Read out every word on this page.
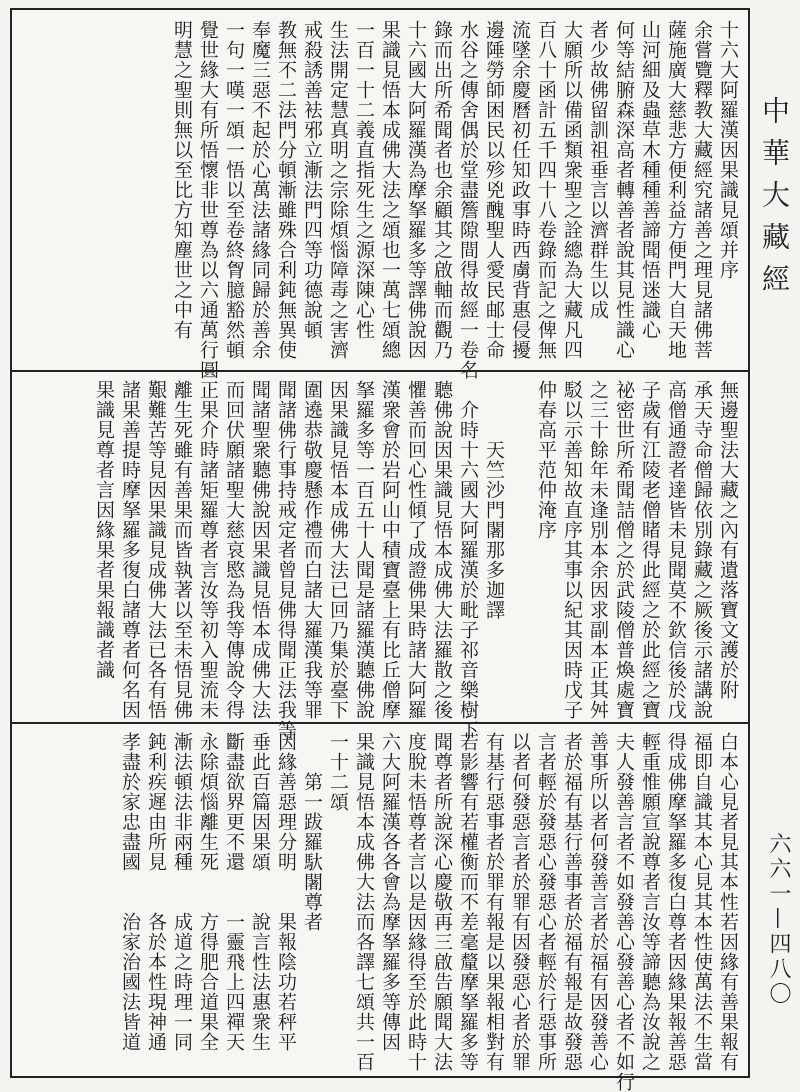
中華大藏經
六六一—四八〇
十六大阿羅漢因果識見頌并序
余嘗覽釋教大藏經究諸善之理見諸佛菩
薩施廣大慈悲方便利益方便門大自天地
山河細及蟲草木種種善諦聞悟迷識心
何等結腑森深高者轉善者說其見性識心
者少故佛留訓祖垂言以濟群生以成
大願所以備函類衆聖之詮總為大藏凡四
百八十函計五千四十八卷錄而記之俾無
流墜余慶曆初任知政事時西虜背惠侵擾
邊陲勞師困民以殄兇醜聖人愛民邮士命
水谷之傳舍偶於堂盡簷隙間得故經一卷名
錄而出所希聞者也余顧其之啟軸而觀乃
十六國大阿羅漢為摩拏羅多等譯佛說因
果識見悟本成佛大法之頌也一萬七頌總
一百一十二義直指死生之源深陳心性
生法開定慧真明之宗除煩惱障毒之害濟
戒殺誘善袪邪立漸法門四等功德說頓
教無不二法門分頓漸雖殊合利鈍無異使
奉魔三惡不起於心萬法諸緣同歸於善余
一句一嘆一頌一悟以至卷終胷臆豁然頓
覺世緣大有所悟懷非世尊為以六通萬行圓
明慧之聖則無以至比方知塵世之中有
無邊聖法大藏之內有遺落寶文護於附
承天寺命僧歸依別錄藏之厥後示諸講說
高僧通證者達皆未見聞莫不欽信後於戊
子歲有江陵老僧睹得此經之於此經之寶
祕密世所希聞詰僧之於武陵僧普煥處寶
之三十餘年未逢別本余因求副本正其舛
駁以示善知故直序其事以紀其因時戊子
仲春高平范仲淹序
　　　天竺沙門闍那多迦譯
　介時十六國大阿羅漢於毗子祁音樂樹下
聽佛說因果識見悟本成佛大法羅散之後
懼善而回心性傾了成證佛果時諸大阿羅
漢衆會於岩阿山中積寶臺上有比丘僧摩
拏羅多等一百五十人聞是諸羅漢聽佛說
因果識見悟本成佛大法已回乃集於臺下
圍遶恭敬慶懸作禮而白諸大羅漢我等罪
聞諸佛行事持戒定者曾見佛得聞正法我等
聞諸聖衆聽佛說因果識見悟本成佛大法
而回伏願諸聖大慈哀愍為我等傳說令得
正果介時諸矩羅尊者言汝等初入聖流未
離生死雖有善果而皆執著以至未悟見佛
艱難苦等見因果識見成佛大法已各有悟
諸果善提時摩拏羅多復白諸尊者何名因
果識見尊者言因緣果者果報識者識
白本心見者見其本性若因緣有善果報有
福即自識其本心見其本性使萬法不生當
得成佛摩拏羅多復白尊者因緣果報善惡
輕重惟願宣說尊者言汝等諦聽為汝說之
夫人發善言者不如發善心發善心者不如行
善事所以者何發善言者於福有因發善心
者於福有基行善事者於福有報是故發惡
言者輕於發惡心發惡心者輕於行惡事所
以者何發惡言者於罪有因發惡心者於罪
有基行惡事者於罪有報是以果報相對有
若影響有若權衡而不差毫釐摩拏羅多等
聞尊者所說深心慶敬再三啟告願聞大法
度脫未悟尊者言以是因緣得至於此時十
六大阿羅漢各各會為摩拏羅多等傳因
果識見悟本成佛大法而各譯七頌共一百
一十二頌
　　第一跋羅馱闍尊者
因緣善惡理分明　　果報陰功若秤平
垂此百篇因果頌　　說言性法惠衆生
斷盡欲界更不還　　一靈飛上四禪天
永除煩惱離生死　　方得肥合道果全
漸法頓法非兩種　　成道之時理一同
鈍利疾遲由所見　　各於本性現神通
孝盡於家忠盡國　　治家治國法皆道
